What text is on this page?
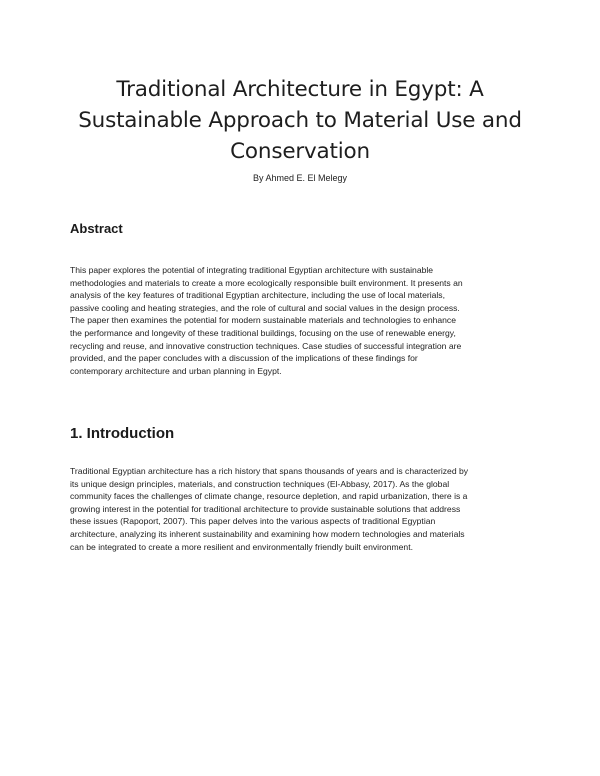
Traditional Architecture in Egypt: A
Sustainable Approach to Material Use and
Conservation
By Ahmed E. El Melegy
Abstract
This paper explores the potential of integrating traditional Egyptian architecture with sustainable
methodologies and materials to create a more ecologically responsible built environment. It presents an
analysis of the key features of traditional Egyptian architecture, including the use of local materials,
passive cooling and heating strategies, and the role of cultural and social values in the design process.
The paper then examines the potential for modern sustainable materials and technologies to enhance
the performance and longevity of these traditional buildings, focusing on the use of renewable energy,
recycling and reuse, and innovative construction techniques. Case studies of successful integration are
provided, and the paper concludes with a discussion of the implications of these findings for
contemporary architecture and urban planning in Egypt.
1. Introduction
Traditional Egyptian architecture has a rich history that spans thousands of years and is characterized by
its unique design principles, materials, and construction techniques (El-Abbasy, 2017). As the global
community faces the challenges of climate change, resource depletion, and rapid urbanization, there is a
growing interest in the potential for traditional architecture to provide sustainable solutions that address
these issues (Rapoport, 2007). This paper delves into the various aspects of traditional Egyptian
architecture, analyzing its inherent sustainability and examining how modern technologies and materials
can be integrated to create a more resilient and environmentally friendly built environment.
